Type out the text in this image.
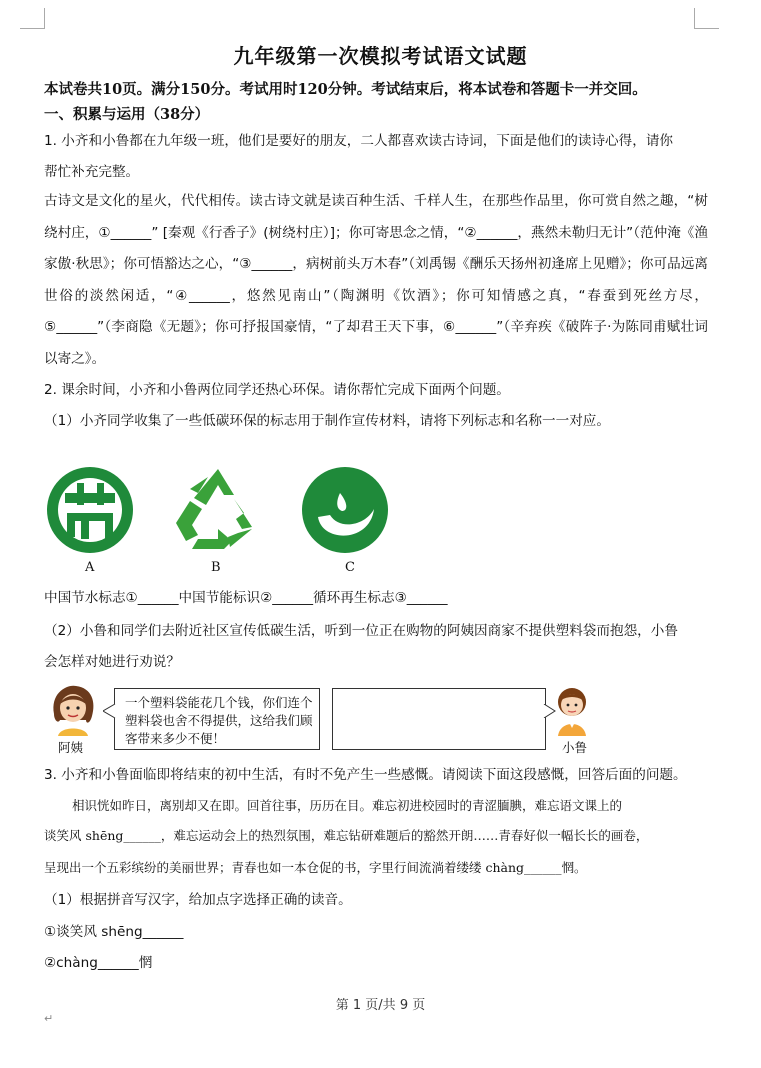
九年级第一次模拟考试语文试题
本试卷共10页。满分150分。考试用时120分钟。考试结束后，将本试卷和答题卡一并交回。
一、积累与运用（38分）
1. 小齐和小鲁都在九年级一班，他们是要好的朋友，二人都喜欢读古诗词，下面是他们的读诗心得，请你
帮忙补充完整。
古诗文是文化的星火，代代相传。读古诗文就是读百种生活、千样人生，在那些作品里，你可赏自然之趣，“树绕村庄，①______” [秦观《行香子》(树绕村庄）]；你可寄思念之情，“②______，燕然未勒归无计”（范仲淹《渔家傲·秋思》；你可悟豁达之心，“③______，病树前头万木春”（刘禹锡《酬乐天扬州初逢席上见赠》；你可品远离世俗的淡然闲适，“④______，悠然见南山”（陶渊明《饮酒》；你可知情感之真，“春蚕到死丝方尽，⑤______”（李商隐《无题》；你可抒报国豪情，“了却君王天下事，⑥______”（辛弃疾《破阵子·为陈同甫赋壮词以寄之》。
2. 课余时间，小齐和小鲁两位同学还热心环保。请你帮忙完成下面两个问题。
（1）小齐同学收集了一些低碳环保的标志用于制作宣传材料，请将下列标志和名称一一对应。
A	B	C
中国节水标志①______中国节能标识②______循环再生标志③______
（2）小鲁和同学们去附近社区宣传低碳生活，听到一位正在购物的阿姨因商家不提供塑料袋而抱怨，小鲁
会怎样对她进行劝说？
阿姨
一个塑料袋能花几个钱，你们连个
塑料袋也舍不得提供，这给我们顾
客带来多少不便！
小鲁
3. 小齐和小鲁面临即将结束的初中生活，有时不免产生一些感慨。请阅读下面这段感慨，回答后面的问题。
相识恍如昨日，离别却又在即。回首往事，历历在目。难忘初进校园时的青涩腼腆，难忘语文课上的
谈笑风 shēng______，难忘运动会上的热烈氛围，难忘钻研难题后的豁然开朗……青春好似一幅长长的画卷，
呈现出一个五彩缤纷的美丽世界；青春也如一本仓促的书，字里行间流淌着缕缕 chàng______惘。
（1）根据拼音写汉字，给加点字选择正确的读音。
①谈笑风 shēng______
②chàng______惘
第 1 页/共 9 页
↵
